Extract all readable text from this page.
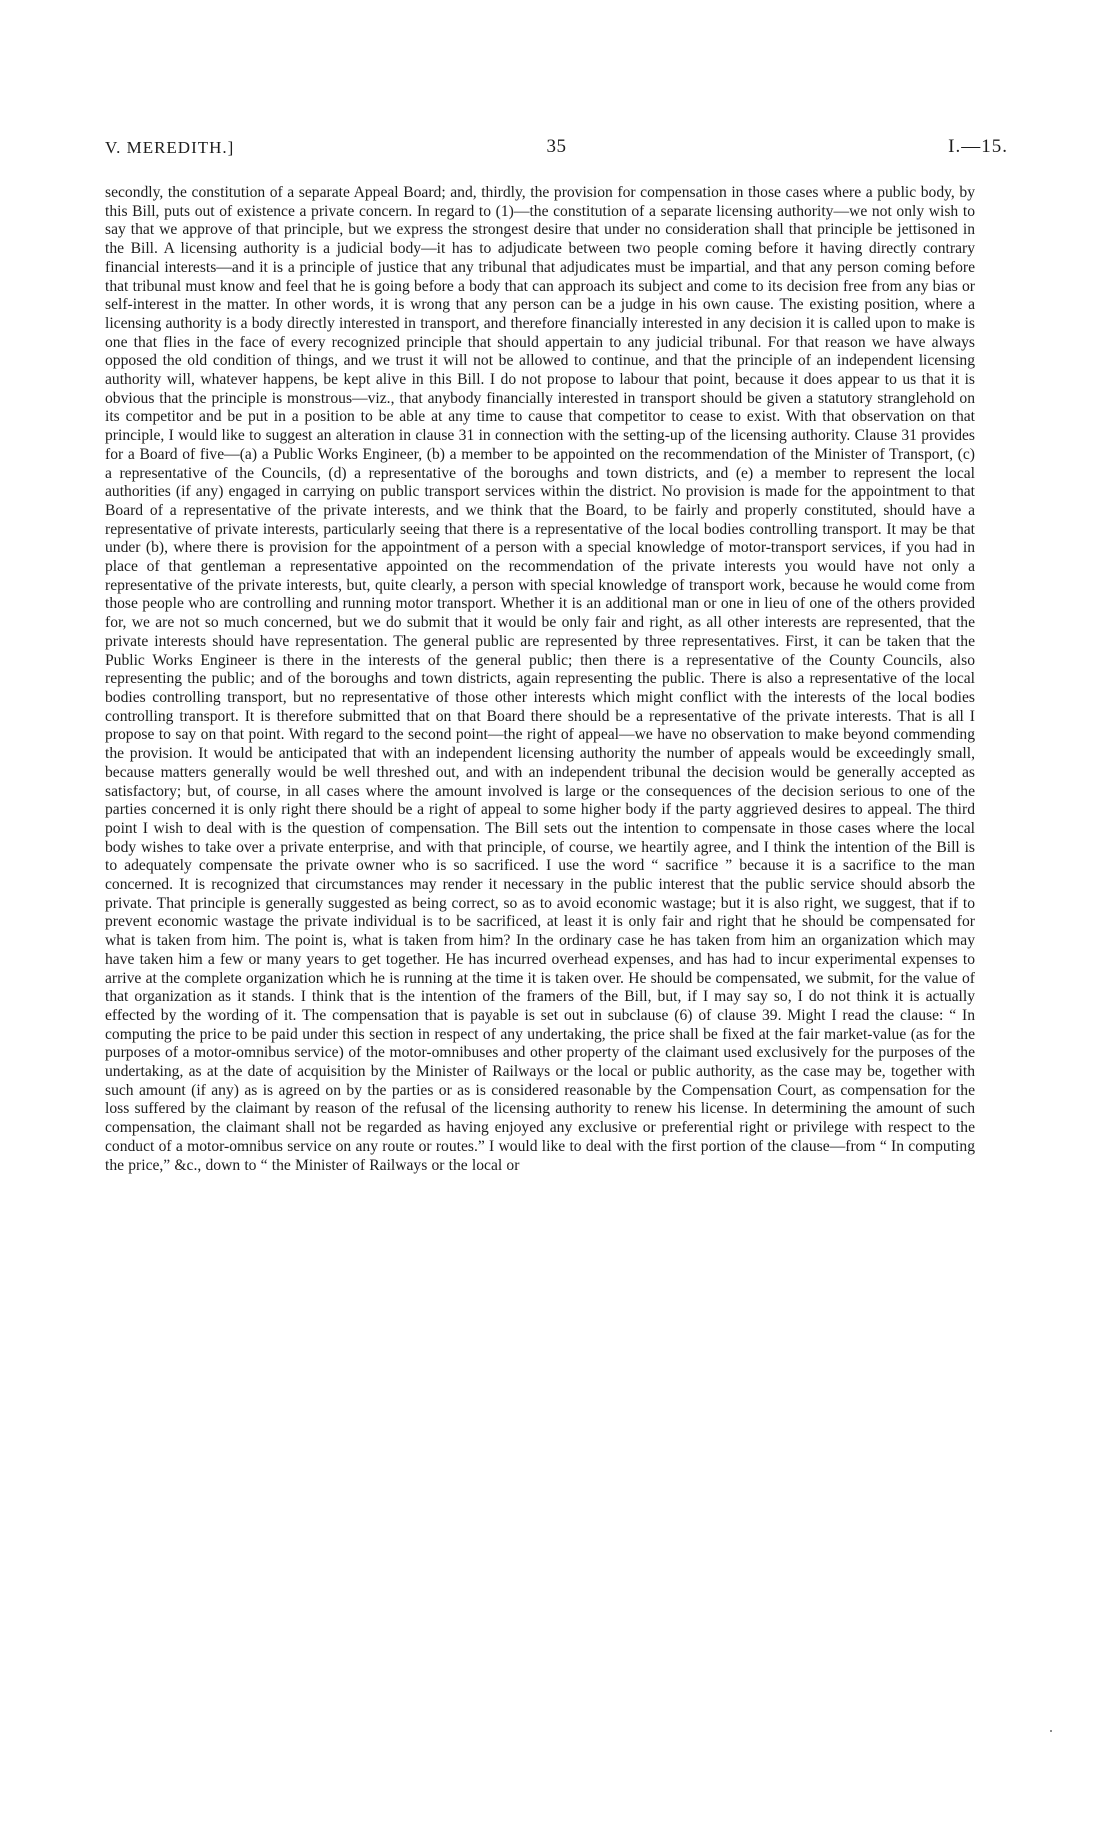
V. MEREDITH.]	35	I.—15.

secondly, the constitution of a separate Appeal Board; and, thirdly, the provision for compensation in those cases where a public body, by this Bill, puts out of existence a private concern. In regard to (1)—the constitution of a separate licensing authority—we not only wish to say that we approve of that principle, but we express the strongest desire that under no consideration shall that principle be jettisoned in the Bill. A licensing authority is a judicial body—it has to adjudicate between two people coming before it having directly contrary financial interests—and it is a principle of justice that any tribunal that adjudicates must be impartial, and that any person coming before that tribunal must know and feel that he is going before a body that can approach its subject and come to its decision free from any bias or self-interest in the matter. In other words, it is wrong that any person can be a judge in his own cause. The existing position, where a licensing authority is a body directly interested in transport, and therefore financially interested in any decision it is called upon to make is one that flies in the face of every recognized principle that should appertain to any judicial tribunal. For that reason we have always opposed the old condition of things, and we trust it will not be allowed to continue, and that the principle of an independent licensing authority will, whatever happens, be kept alive in this Bill. I do not propose to labour that point, because it does appear to us that it is obvious that the principle is monstrous—viz., that anybody financially interested in transport should be given a statutory stranglehold on its competitor and be put in a position to be able at any time to cause that competitor to cease to exist. With that observation on that principle, I would like to suggest an alteration in clause 31 in connection with the setting-up of the licensing authority. Clause 31 provides for a Board of five—(a) a Public Works Engineer, (b) a member to be appointed on the recommendation of the Minister of Transport, (c) a representative of the Councils, (d) a representative of the boroughs and town districts, and (e) a member to represent the local authorities (if any) engaged in carrying on public transport services within the district. No provision is made for the appointment to that Board of a representative of the private interests, and we think that the Board, to be fairly and properly constituted, should have a representative of private interests, particularly seeing that there is a representative of the local bodies controlling transport. It may be that under (b), where there is provision for the appointment of a person with a special knowledge of motor-transport services, if you had in place of that gentleman a representative appointed on the recommendation of the private interests you would have not only a representative of the private interests, but, quite clearly, a person with special knowledge of transport work, because he would come from those people who are controlling and running motor transport. Whether it is an additional man or one in lieu of one of the others provided for, we are not so much concerned, but we do submit that it would be only fair and right, as all other interests are represented, that the private interests should have representation. The general public are represented by three representatives. First, it can be taken that the Public Works Engineer is there in the interests of the general public; then there is a representative of the County Councils, also representing the public; and of the boroughs and town districts, again representing the public. There is also a representative of the local bodies controlling transport, but no representative of those other interests which might conflict with the interests of the local bodies controlling transport. It is therefore submitted that on that Board there should be a representative of the private interests. That is all I propose to say on that point. With regard to the second point—the right of appeal—we have no observation to make beyond commending the provision. It would be anticipated that with an independent licensing authority the number of appeals would be exceedingly small, because matters generally would be well threshed out, and with an independent tribunal the decision would be generally accepted as satisfactory; but, of course, in all cases where the amount involved is large or the consequences of the decision serious to one of the parties concerned it is only right there should be a right of appeal to some higher body if the party aggrieved desires to appeal. The third point I wish to deal with is the question of compensation. The Bill sets out the intention to compensate in those cases where the local body wishes to take over a private enterprise, and with that principle, of course, we heartily agree, and I think the intention of the Bill is to adequately compensate the private owner who is so sacrificed. I use the word “ sacrifice ” because it is a sacrifice to the man concerned. It is recognized that circumstances may render it necessary in the public interest that the public service should absorb the private. That principle is generally suggested as being correct, so as to avoid economic wastage; but it is also right, we suggest, that if to prevent economic wastage the private individual is to be sacrificed, at least it is only fair and right that he should be compensated for what is taken from him. The point is, what is taken from him? In the ordinary case he has taken from him an organization which may have taken him a few or many years to get together. He has incurred overhead expenses, and has had to incur experimental expenses to arrive at the complete organization which he is running at the time it is taken over. He should be compensated, we submit, for the value of that organization as it stands. I think that is the intention of the framers of the Bill, but, if I may say so, I do not think it is actually effected by the wording of it. The compensation that is payable is set out in subclause (6) of clause 39. Might I read the clause: “ In computing the price to be paid under this section in respect of any undertaking, the price shall be fixed at the fair market-value (as for the purposes of a motor-omnibus service) of the motor-omnibuses and other property of the claimant used exclusively for the purposes of the undertaking, as at the date of acquisition by the Minister of Railways or the local or public authority, as the case may be, together with such amount (if any) as is agreed on by the parties or as is considered reasonable by the Compensation Court, as compensation for the loss suffered by the claimant by reason of the refusal of the licensing authority to renew his license. In determining the amount of such compensation, the claimant shall not be regarded as having enjoyed any exclusive or preferential right or privilege with respect to the conduct of a motor-omnibus service on any route or routes.” I would like to deal with the first portion of the clause—from “ In computing the price,” &c., down to “ the Minister of Railways or the local or
